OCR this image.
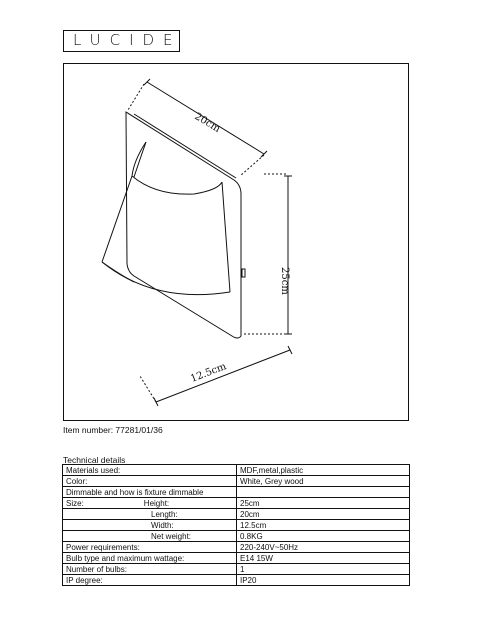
LUCIDE
20cm
25cm
12.5cm
Item number: 77281/01/36
Technical details
Materials used:	MDF,metal,plastic
Color:	White, Grey wood
Dimmable and how is fixture dimmable	
Size: Height:	25cm
Length:	20cm
Width:	12.5cm
Net weight:	0.8KG
Power requirements:	220-240V~50Hz
Bulb type and maximum wattage:	E14 15W
Number of bulbs:	1
IP degree:	IP20
